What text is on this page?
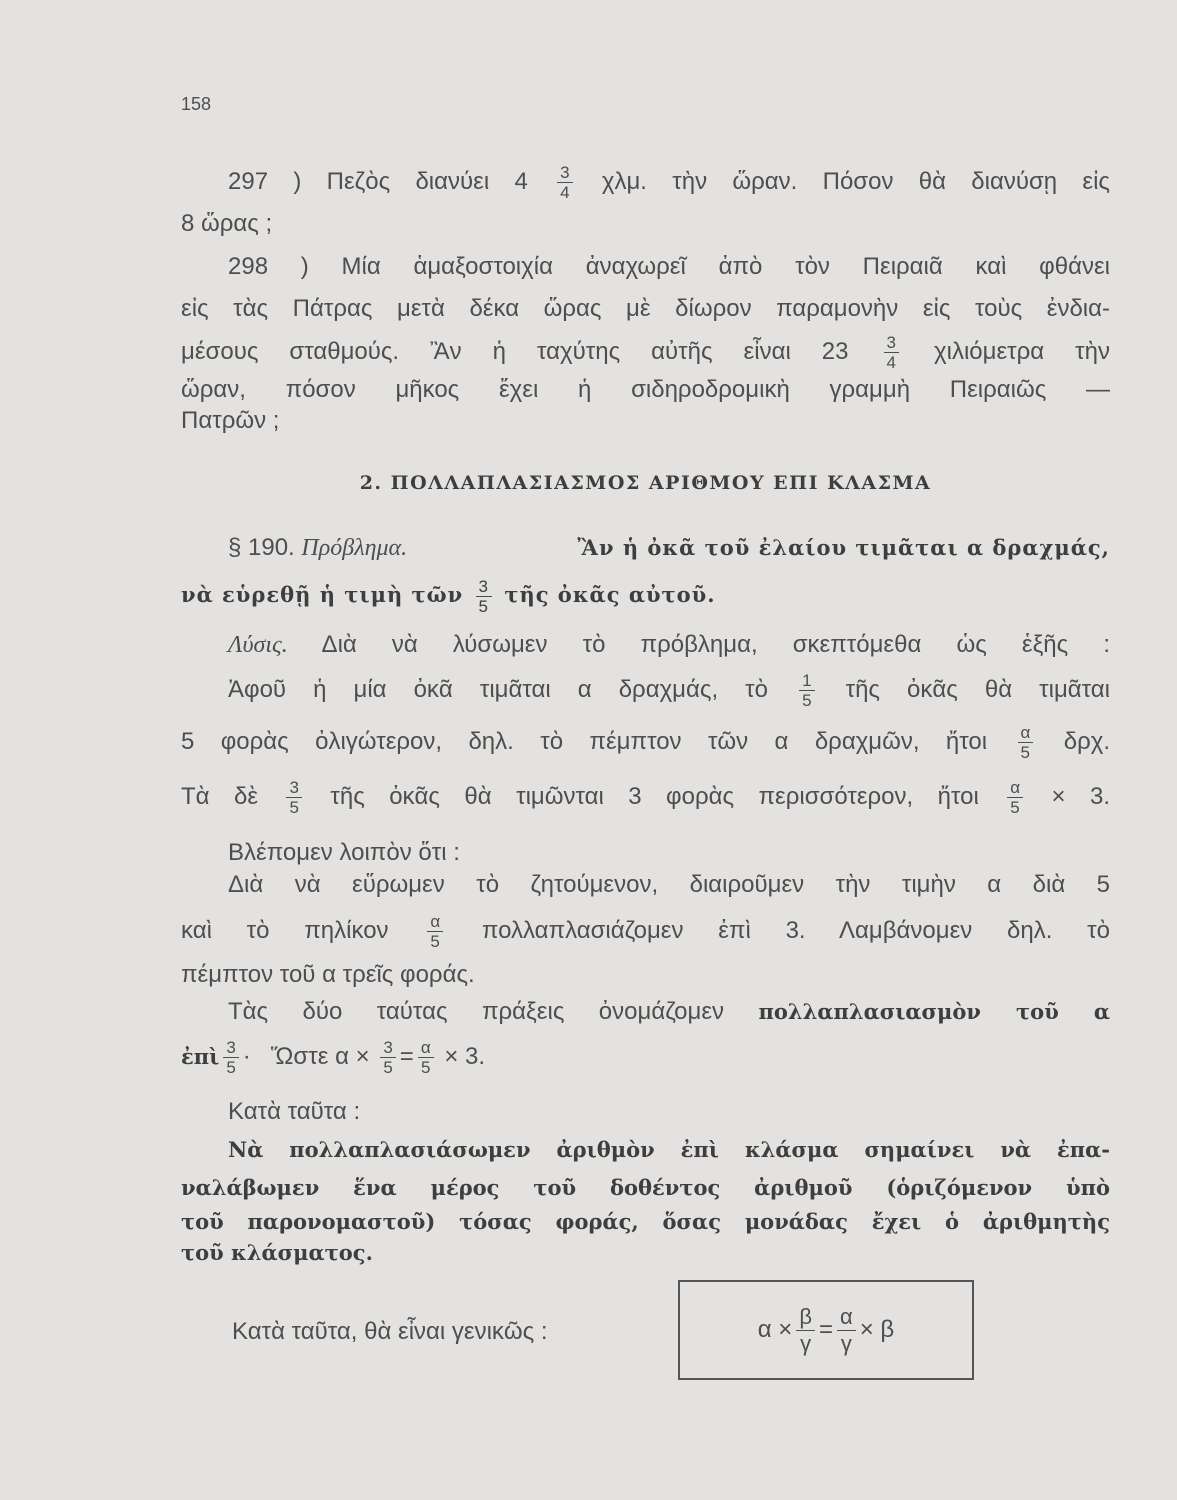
158
297 ) Πεζὸς διανύει $4 \frac{3}{4} \chi\lambda\mu$. τὴν ὥραν. Πόσον θὰ διανύσῃ εἰς
8 ὥρας ;
298 ) Μία ἁμαξοστοιχία ἀναχωρεῖ ἀπὸ τὸν Πειραιᾶ καὶ φθάνει
εἰς τὰς Πάτρας μετὰ δέκα ὥρας μὲ δίωρον παραμονὴν εἰς τοὺς ἐνδια-
μέσους σταθμούς. Ἂν ἡ ταχύτης αὐτῆς εἶναι $23 \frac{3}{4}$ χιλιόμετρα τὴν
ὥραν, πόσον μῆκος ἔχει ἡ σιδηροδρομικὴ γραμμὴ Πειραιῶς —
Πατρῶν ;
2. ΠΟΛΛΑΠΛΑΣΙΑΣΜΟΣ ΑΡΙΘΜΟΥ ΕΠΙ ΚΛΑΣΜΑ
§ 190. Πρόβλημα.	Ἂν ἡ ὀκᾶ τοῦ ἐλαίου τιμᾶται α δραχμάς,
νὰ εὑρεθῇ ἡ τιμὴ τῶν $\frac{3}{5}$ τῆς ὀκᾶς αὐτοῦ.
Λύσις. Διὰ νὰ λύσωμεν τὸ πρόβλημα, σκεπτόμεθα ὡς ἑξῆς :
Ἀφοῦ ἡ μία ὀκᾶ τιμᾶται α δραχμάς, τὸ $\frac{1}{5}$ τῆς ὀκᾶς θὰ τιμᾶται
5 φορὰς ὀλιγώτερον, δηλ. τὸ πέμπτον τῶν α δραχμῶν, ἤτοι $\frac{\alpha}{5} \delta\rho\chi$.
Τὰ δὲ $\frac{3}{5}$ τῆς ὀκᾶς θὰ τιμῶνται 3 φορὰς περισσότερον, ἤτοι $\frac{\alpha}{5} \times 3$.
Βλέπομεν λοιπὸν ὅτι :
Διὰ νὰ εὕρωμεν τὸ ζητούμενον, διαιροῦμεν τὴν τιμὴν α διὰ 5
καὶ τὸ πηλίκον $\frac{\alpha}{5}$ πολλαπλασιάζομεν ἐπὶ 3. Λαμβάνομεν δηλ. τὸ
πέμπτον τοῦ α τρεῖς φοράς.
Τὰς δύο ταύτας πράξεις ὀνομάζομεν πολλαπλασιασμὸν τοῦ α
ἐπὶ $\frac{3}{5}$ · Ὥστε $\alpha \times \frac{3}{5} = \frac{\alpha}{5} \times 3$.
Κατὰ ταῦτα :
Νὰ πολλαπλασιάσωμεν ἀριθμὸν ἐπὶ κλάσμα σημαίνει νὰ ἐπα-
ναλάβωμεν ἕνα μέρος τοῦ δοθέντος ἀριθμοῦ (ὁριζόμενον ὑπὸ
τοῦ παρονομαστοῦ) τόσας φοράς, ὅσας μονάδας ἔχει ὁ ἀριθμητὴς
τοῦ κλάσματος.
Κατὰ ταῦτα, θὰ εἶναι γενικῶς :	$\alpha \times \frac{\beta}{\gamma} = \frac{\alpha}{\gamma} \times \beta$
